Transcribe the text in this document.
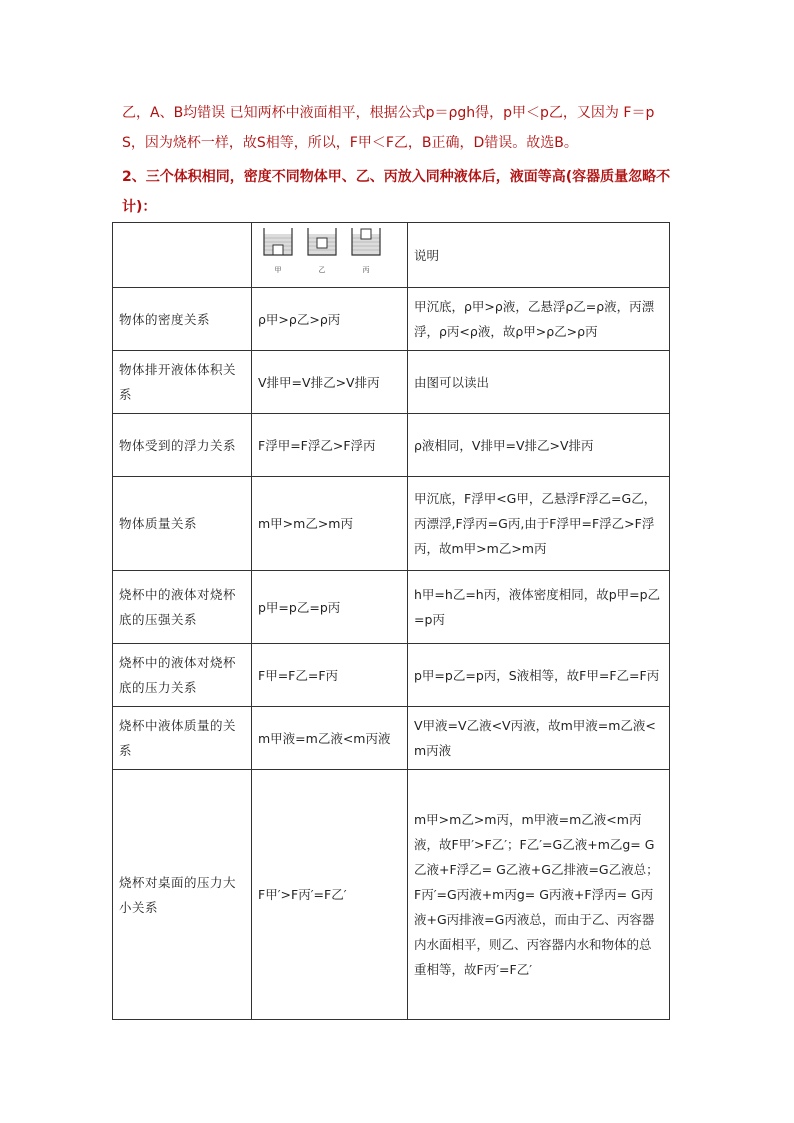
乙，A、B均错误 已知两杯中液面相平，根据公式p＝ρgh得，p甲＜p乙，又因为 F＝p

S，因为烧杯一样，故S相等，所以，F甲＜F乙，B正确，D错误。故选B。

2、三个体积相同，密度不同物体甲、乙、丙放入同种液体后，液面等高(容器质量忽略不计)：

	甲 乙 丙	说明
物体的密度关系	ρ甲>ρ乙>ρ丙	甲沉底，ρ甲>ρ液，乙悬浮ρ乙=ρ液，丙漂浮，ρ丙<ρ液，故ρ甲>ρ乙>ρ丙
物体排开液体体积关系	V排甲=V排乙>V排丙	由图可以读出
物体受到的浮力关系	F浮甲=F浮乙>F浮丙	ρ液相同，V排甲=V排乙>V排丙
物体质量关系	m甲>m乙>m丙	甲沉底，F浮甲<G甲，乙悬浮F浮乙=G乙，丙漂浮,F浮丙=G丙,由于F浮甲=F浮乙>F浮丙，故m甲>m乙>m丙
烧杯中的液体对烧杯底的压强关系	p甲=p乙=p丙	h甲=h乙=h丙，液体密度相同，故p甲=p乙=p丙
烧杯中的液体对烧杯底的压力关系	F甲=F乙=F丙	p甲=p乙=p丙，S液相等，故F甲=F乙=F丙
烧杯中液体质量的关系	m甲液=m乙液<m丙液	V甲液=V乙液<V丙液，故m甲液=m乙液<m丙液
烧杯对桌面的压力大小关系	F甲′>F丙′=F乙′	m甲>m乙>m丙，m甲液=m乙液<m丙液，故F甲′>F乙′；F乙′=G乙液+m乙g= G乙液+F浮乙= G乙液+G乙排液=G乙液总；F丙′=G丙液+m丙g= G丙液+F浮丙= G丙液+G丙排液=G丙液总，而由于乙、丙容器内水面相平，则乙、丙容器内水和物体的总重相等，故F丙′=F乙′
